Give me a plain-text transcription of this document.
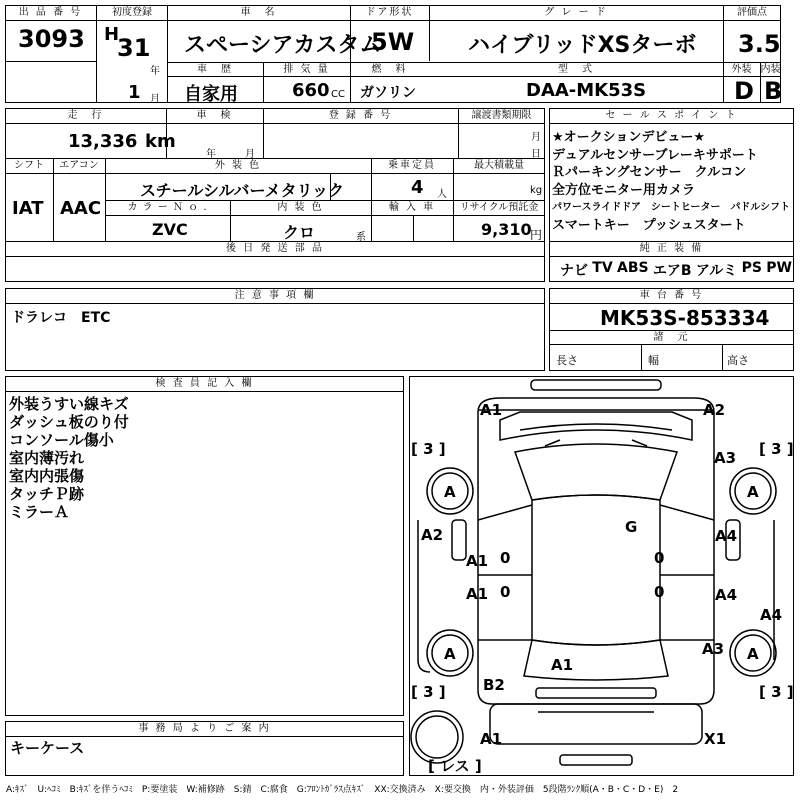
出 品 番 号
3093
初度登録
H
31
年
1 月
車　名
スペーシアカスタム
ドア形状
5W
グ レ ー ド
ハイブリッドXSターボ
評価点
3.5
車　歴
自家用
排 気 量
660 CC
燃　料
ガソリン
型　式
DAA-MK53S
外装
D
内装
B
走　行
13,336 km
車　検
年	月
登 録 番 号	譲渡書類期限
月
日
シフト
IAT
エアコン
AAC
外 装 色
スチールシルバーメタリック
乗車定員
4 人
最大積載量
kg
カ ラ ー Ｎ ｏ .
ZVC
内 装 色
クロ	系
輸 入 車	リサイクル預託金
9,310
円
後 日 発 送 部 品
セ ー ル ス ポ イ ン ト
★オークションデビュー★
デュアルセンサーブレーキサポート
Ｒパーキングセンサー　クルコン
全方位モニター用カメラ
パワースライドドア　シートヒーター　パドルシフト
スマートキー　プッシュスタート
純 正 装 備
ナビ TV ABS エアB アルミ PS PW
注 意 事 項 欄
ドラレコ　ETC
車 台 番 号
MK53S-853334
諸　元
長さ	幅	高さ
検 査 員 記 入 欄
外装うすい線キズ
ダッシュ板のり付
コンソール傷小
室内薄汚れ
室内内張傷
タッチＰ跡
ミラーＡ
事 務 局 よ り ご 案 内
キーケース
A1	A2
A3
A2
A1
A4
A1	A4
A4
A3
A1
B2
A1	X1
G
A	A
A	A
[ 3 ]	[ 3 ]
[ 3 ]	[ 3 ]
[ レス ]
0
0
0
0
A:ｷｽﾞ　U:ﾍｺﾐ　B:ｷｽﾞを伴うﾍｺﾐ　P:要塗装　W:補修跡　S:錆　C:腐食　G:ﾌﾛﾝﾄｶﾞﾗｽ点ｷｽﾞ　XX:交換済み　X:要交換　内・外装評価　5段階ﾗﾝｸ順(A・B・C・D・E)　2
